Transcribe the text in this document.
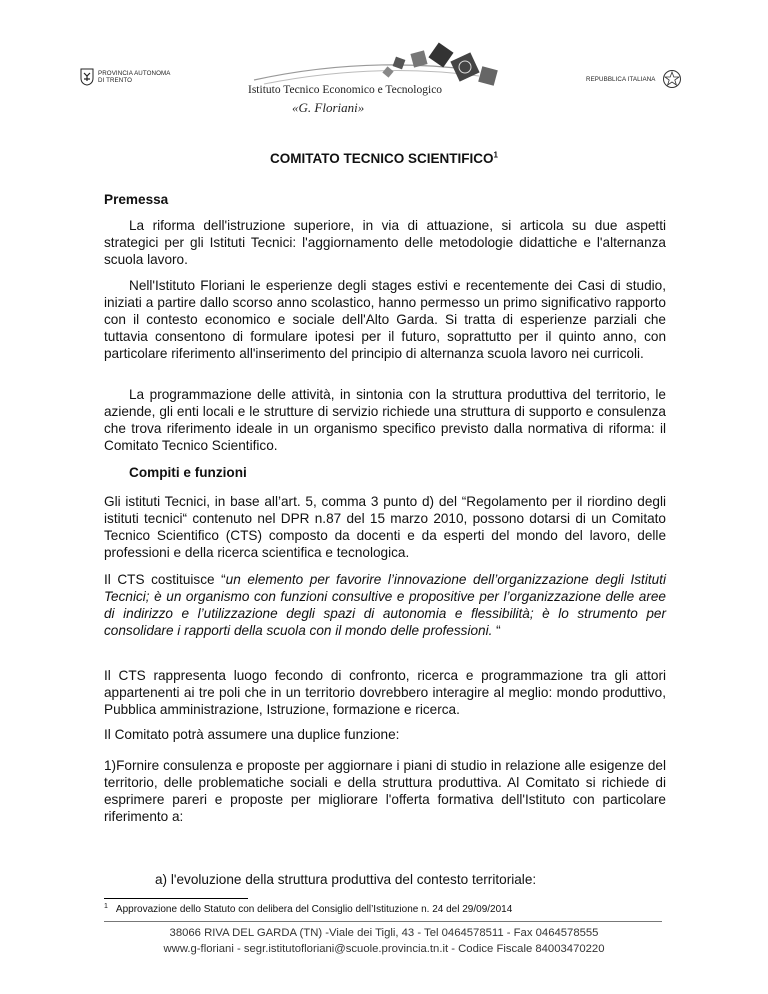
PROVINCIA AUTONOMA
DI TRENTO
Istituto Tecnico Economico e Tecnologico
«G. Floriani»
REPUBBLICA ITALIANA
COMITATO TECNICO SCIENTIFICO$^1$

Premessa

La riforma dell'istruzione superiore, in via di attuazione, si articola su due aspetti strategici per gli Istituti Tecnici: l'aggiornamento delle metodologie didattiche e l'alternanza scuola lavoro.

Nell'Istituto Floriani le esperienze degli stages estivi e recentemente dei Casi di studio, iniziati a partire dallo scorso anno scolastico, hanno permesso un primo significativo rapporto con il contesto economico e sociale dell'Alto Garda. Si tratta di esperienze parziali che tuttavia consentono di formulare ipotesi per il futuro, soprattutto per il quinto anno, con particolare riferimento all'inserimento del principio di alternanza scuola lavoro nei curricoli.

La programmazione delle attività, in sintonia con la struttura produttiva del territorio, le aziende, gli enti locali e le strutture di servizio richiede una struttura di supporto e consulenza che trova riferimento ideale in un organismo specifico previsto dalla normativa di riforma: il Comitato Tecnico Scientifico.

Compiti e funzioni

Gli istituti Tecnici, in base all’art. 5, comma 3 punto d) del “Regolamento per il riordino degli istituti tecnici“ contenuto nel DPR n.87 del 15 marzo 2010, possono dotarsi di un Comitato Tecnico Scientifico (CTS) composto da docenti e da esperti del mondo del lavoro, delle professioni e della ricerca scientifica e tecnologica.

Il CTS costituisce “un elemento per favorire l’innovazione dell’organizzazione degli Istituti Tecnici; è un organismo con funzioni consultive e propositive per l’organizzazione delle aree di indirizzo e l’utilizzazione degli spazi di autonomia e flessibilità; è lo strumento per consolidare i rapporti della scuola con il mondo delle professioni. “

Il CTS rappresenta luogo fecondo di confronto, ricerca e programmazione tra gli attori appartenenti ai tre poli che in un territorio dovrebbero interagire al meglio: mondo produttivo, Pubblica amministrazione, Istruzione, formazione e ricerca.

Il Comitato potrà assumere una duplice funzione:

1)Fornire consulenza e proposte per aggiornare i piani di studio in relazione alle esigenze del territorio, delle problematiche sociali e della struttura produttiva. Al Comitato si richiede di esprimere pareri e proposte per migliorare l'offerta formativa dell'Istituto con particolare riferimento a:

a) l'evoluzione della struttura produttiva del contesto territoriale:

$^1$ Approvazione dello Statuto con delibera del Consiglio dell’Istituzione n. 24 del 29/09/2014
38066 RIVA DEL GARDA (TN) -Viale dei Tigli, 43 - Tel 0464578511 - Fax 0464578555
www.g-floriani - segr.istitutofloriani@scuole.provincia.tn.it - Codice Fiscale 84003470220
